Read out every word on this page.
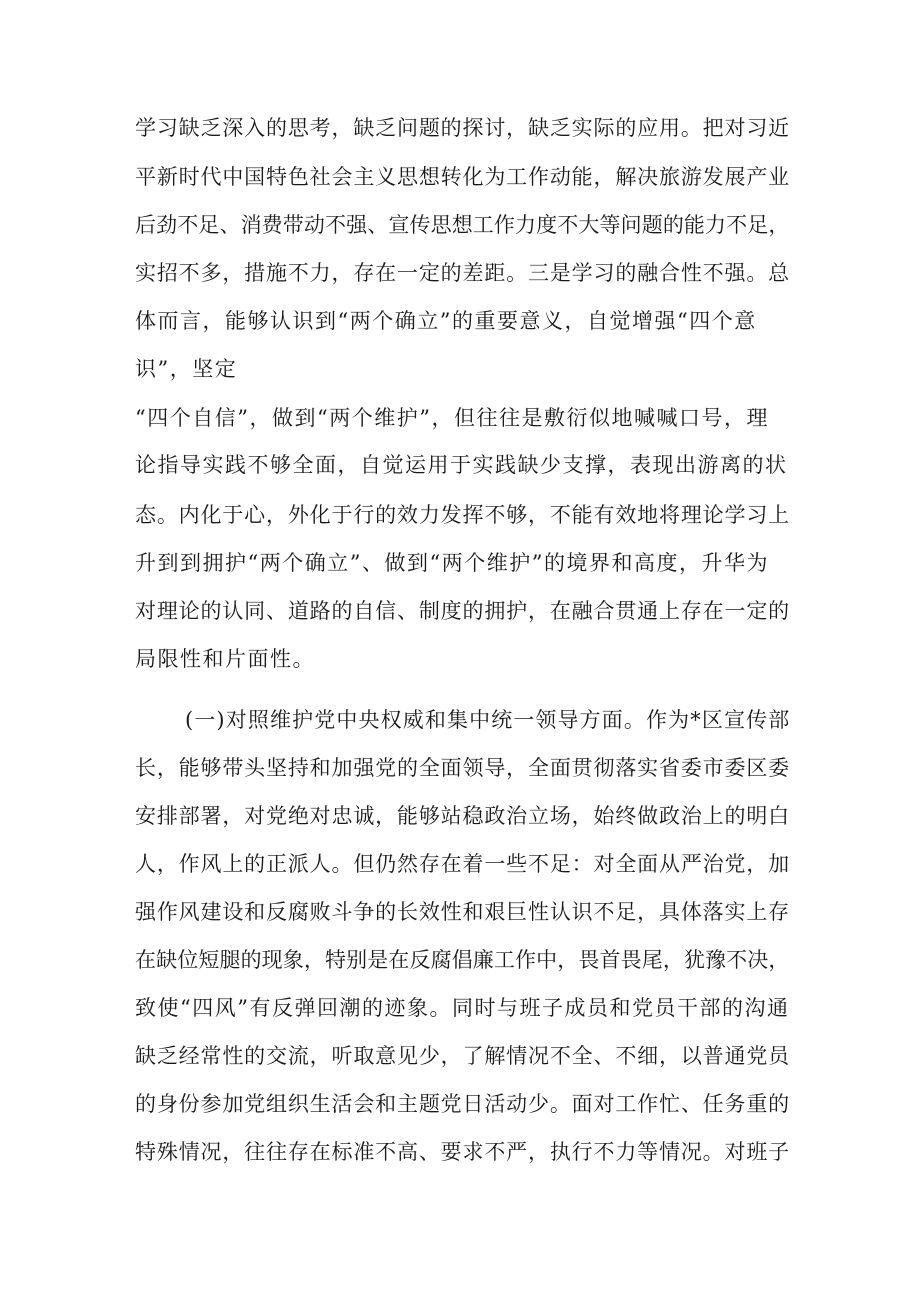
学习缺乏深入的思考，缺乏问题的探讨，缺乏实际的应用。把对习近

平新时代中国特色社会主义思想转化为工作动能，解决旅游发展产业

后劲不足、消费带动不强、宣传思想工作力度不大等问题的能力不足，

实招不多，措施不力，存在一定的差距。三是学习的融合性不强。总

体而言，能够认识到“两个确立”的重要意义，自觉增强“四个意

识”，坚定

“四个自信”，做到“两个维护”，但往往是敷衍似地喊喊口号，理

论指导实践不够全面，自觉运用于实践缺少支撑，表现出游离的状

态。内化于心，外化于行的效力发挥不够，不能有效地将理论学习上

升到到拥护“两个确立”、做到“两个维护”的境界和高度，升华为

对理论的认同、道路的自信、制度的拥护，在融合贯通上存在一定的

局限性和片面性。

(一)对照维护党中央权威和集中统一领导方面。作为*区宣传部

长，能够带头坚持和加强党的全面领导，全面贯彻落实省委市委区委

安排部署，对党绝对忠诚，能够站稳政治立场，始终做政治上的明白

人，作风上的正派人。但仍然存在着一些不足：对全面从严治党，加

强作风建设和反腐败斗争的长效性和艰巨性认识不足，具体落实上存

在缺位短腿的现象，特别是在反腐倡廉工作中，畏首畏尾，犹豫不决，

致使“四风”有反弹回潮的迹象。同时与班子成员和党员干部的沟通

缺乏经常性的交流，听取意见少，了解情况不全、不细，以普通党员

的身份参加党组织生活会和主题党日活动少。面对工作忙、任务重的

特殊情况，往往存在标准不高、要求不严，执行不力等情况。对班子
